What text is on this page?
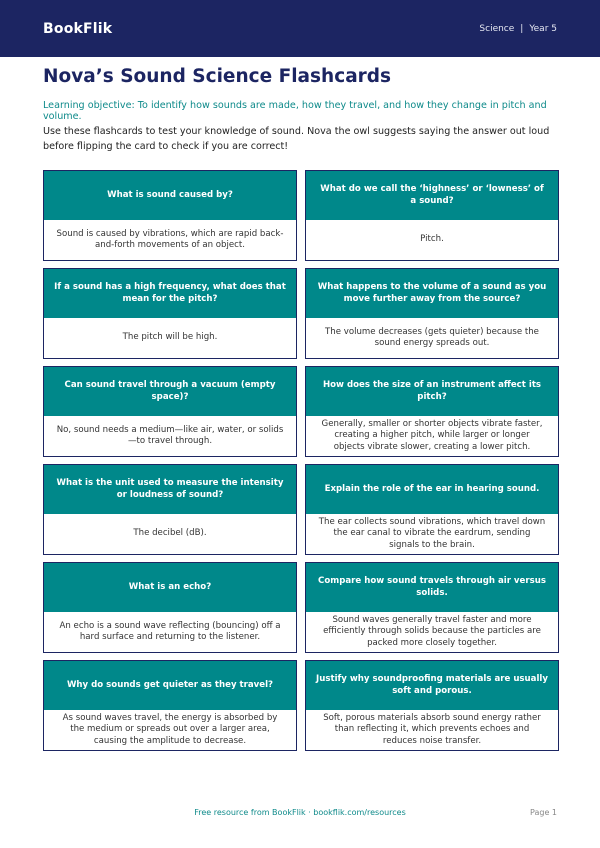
BookFlik	Science | Year 5
Nova’s Sound Science Flashcards

Learning objective: To identify how sounds are made, how they travel, and how they change in pitch and volume.

Use these flashcards to test your knowledge of sound. Nova the owl suggests saying the answer out loud before flipping the card to check if you are correct!

What is sound caused by?
Sound is caused by vibrations, which are rapid back-and-forth movements of an object.
What do we call the ‘highness’ or ‘lowness’ of a sound?
Pitch.
If a sound has a high frequency, what does that mean for the pitch?
The pitch will be high.
What happens to the volume of a sound as you move further away from the source?
The volume decreases (gets quieter) because the sound energy spreads out.
Can sound travel through a vacuum (empty space)?
No, sound needs a medium—like air, water, or solids—to travel through.
How does the size of an instrument affect its pitch?
Generally, smaller or shorter objects vibrate faster, creating a higher pitch, while larger or longer objects vibrate slower, creating a lower pitch.
What is the unit used to measure the intensity or loudness of sound?
The decibel (dB).
Explain the role of the ear in hearing sound.
The ear collects sound vibrations, which travel down the ear canal to vibrate the eardrum, sending signals to the brain.
What is an echo?
An echo is a sound wave reflecting (bouncing) off a hard surface and returning to the listener.
Compare how sound travels through air versus solids.
Sound waves generally travel faster and more efficiently through solids because the particles are packed more closely together.
Why do sounds get quieter as they travel?
As sound waves travel, the energy is absorbed by the medium or spreads out over a larger area, causing the amplitude to decrease.
Justify why soundproofing materials are usually soft and porous.
Soft, porous materials absorb sound energy rather than reflecting it, which prevents echoes and reduces noise transfer.
Free resource from BookFlik · bookflik.com/resources	Page 1
